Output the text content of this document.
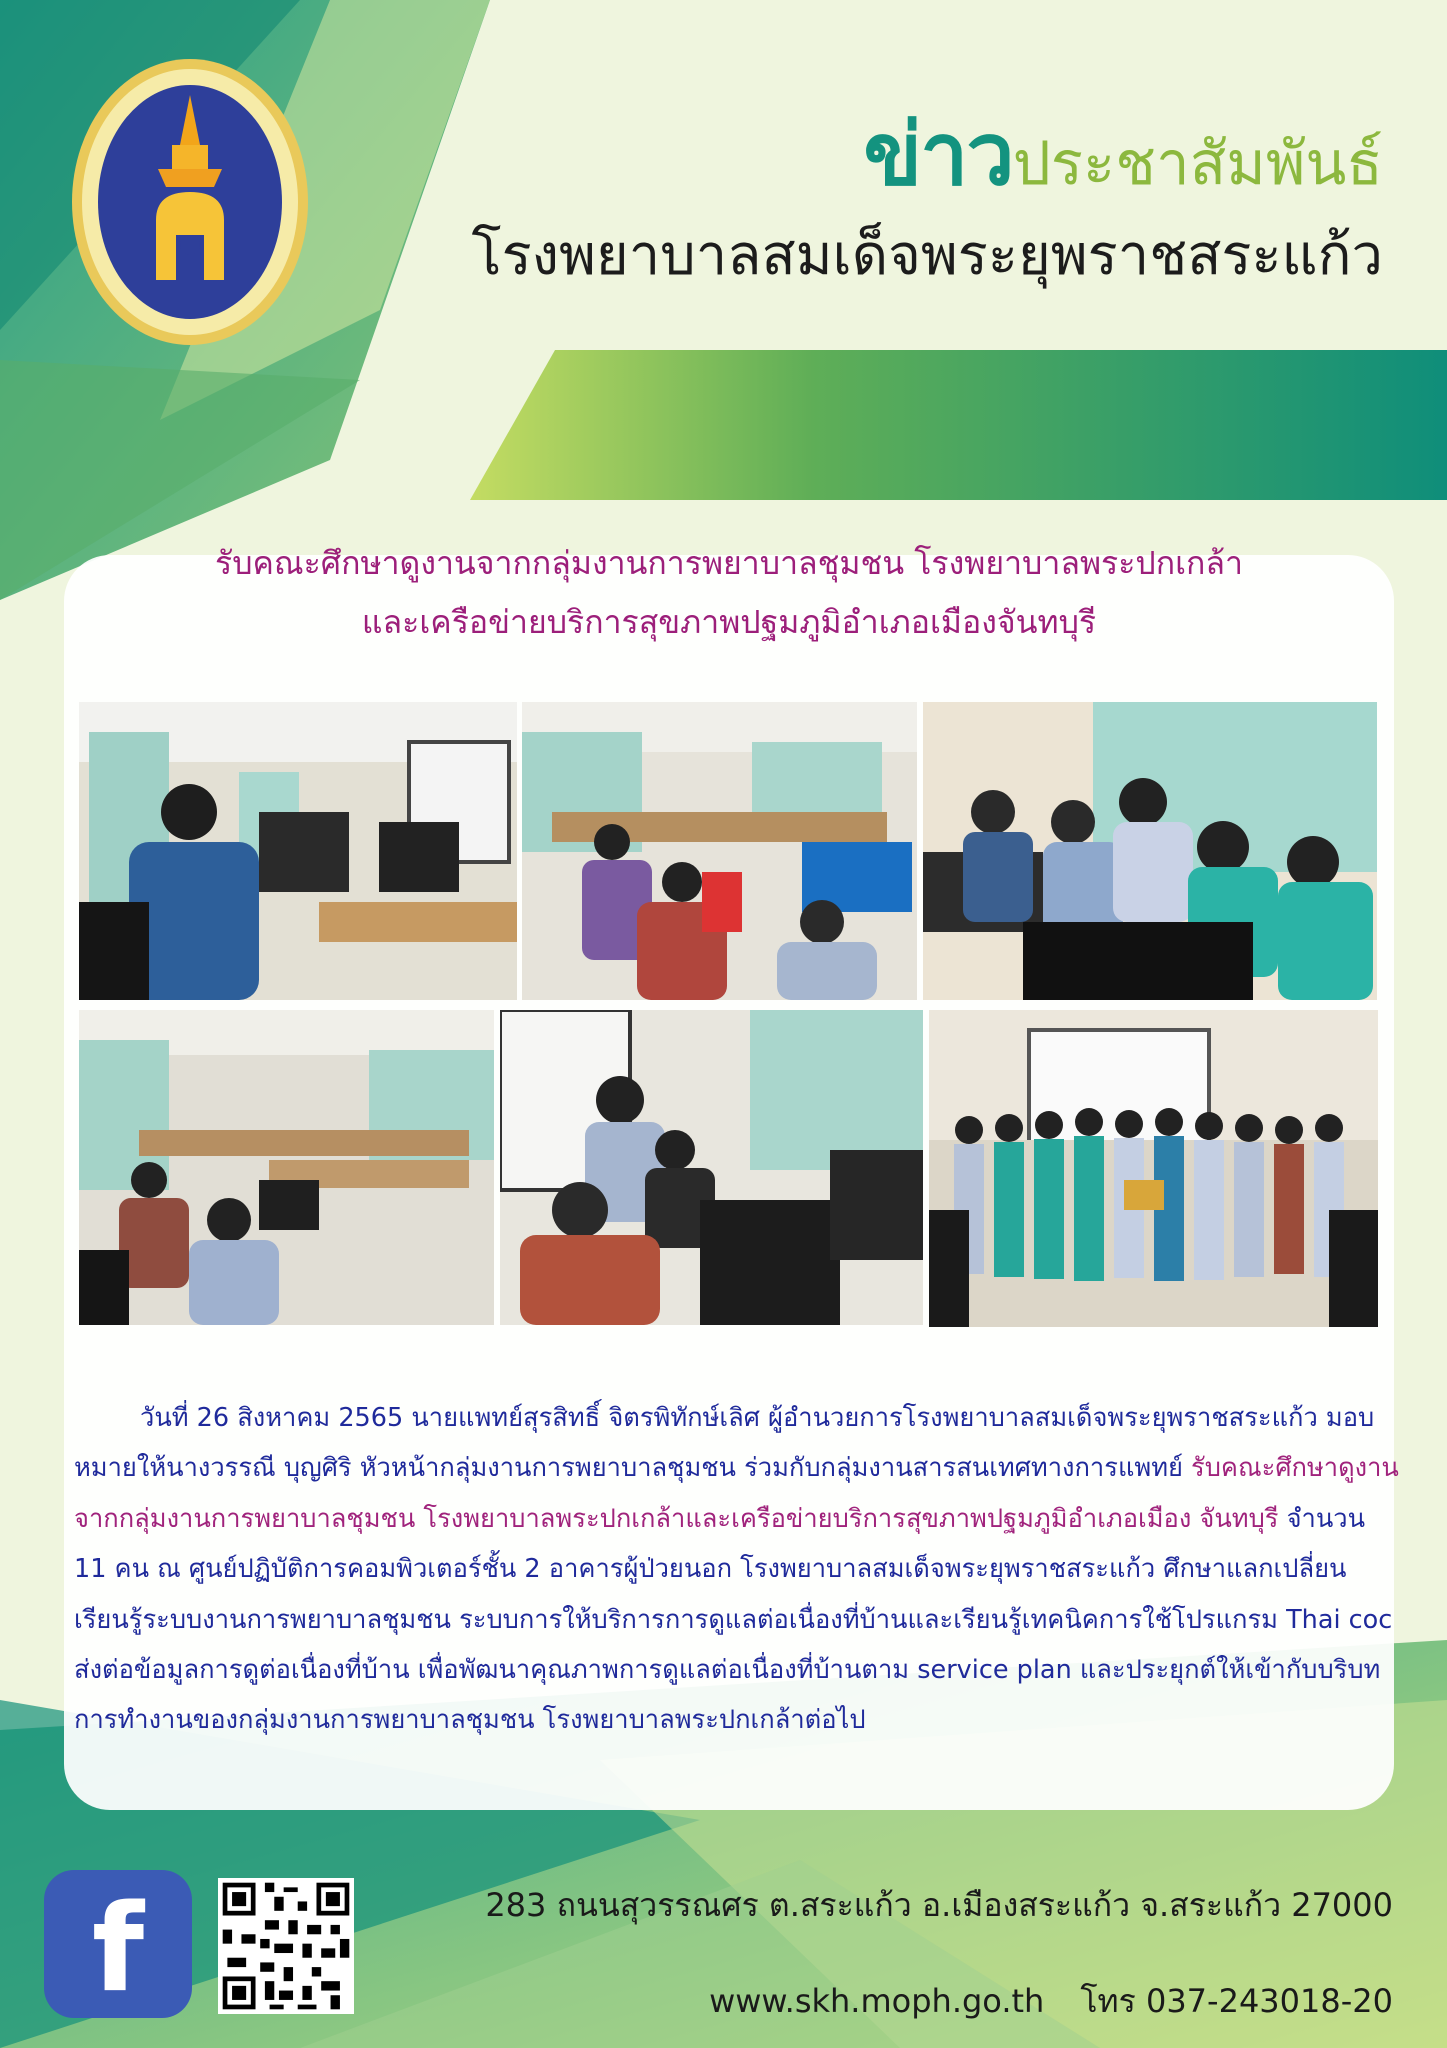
ข่าวประชาสัมพันธ์
โรงพยาบาลสมเด็จพระยุพราชสระแก้ว
รับคณะศึกษาดูงานจากกลุ่มงานการพยาบาลชุมชน โรงพยาบาลพระปกเกล้า
และเครือข่ายบริการสุขภาพปฐมภูมิอำเภอเมืองจันทบุรี
วันที่ 26 สิงหาคม 2565 นายแพทย์สุรสิทธิ์ จิตรพิทักษ์เลิศ ผู้อำนวยการโรงพยาบาลสมเด็จพระยุพราชสระแก้ว มอบหมายให้นางวรรณี บุญศิริ หัวหน้ากลุ่มงานการพยาบาลชุมชน ร่วมกับกลุ่มงานสารสนเทศทางการแพทย์ รับคณะศึกษาดูงานจากกลุ่มงานการพยาบาลชุมชน โรงพยาบาลพระปกเกล้าและเครือข่ายบริการสุขภาพปฐมภูมิอำเภอเมือง จันทบุรี จำนวน 11 คน ณ ศูนย์ปฏิบัติการคอมพิวเตอร์ชั้น 2 อาคารผู้ป่วยนอก โรงพยาบาลสมเด็จพระยุพราชสระแก้ว ศึกษาแลกเปลี่ยนเรียนรู้ระบบงานการพยาบาลชุมชน ระบบการให้บริการการดูแลต่อเนื่องที่บ้านและเรียนรู้เทคนิคการใช้โปรแกรม Thai coc ส่งต่อข้อมูลการดูต่อเนื่องที่บ้าน เพื่อพัฒนาคุณภาพการดูแลต่อเนื่องที่บ้านตาม service plan และประยุกต์ให้เข้ากับบริบทการทำงานของกลุ่มงานการพยาบาลชุมชน โรงพยาบาลพระปกเกล้าต่อไป
f	283 ถนนสุวรรณศร ต.สระแก้ว อ.เมืองสระแก้ว จ.สระแก้ว 27000
www.skh.moph.go.th โทร 037-243018-20
